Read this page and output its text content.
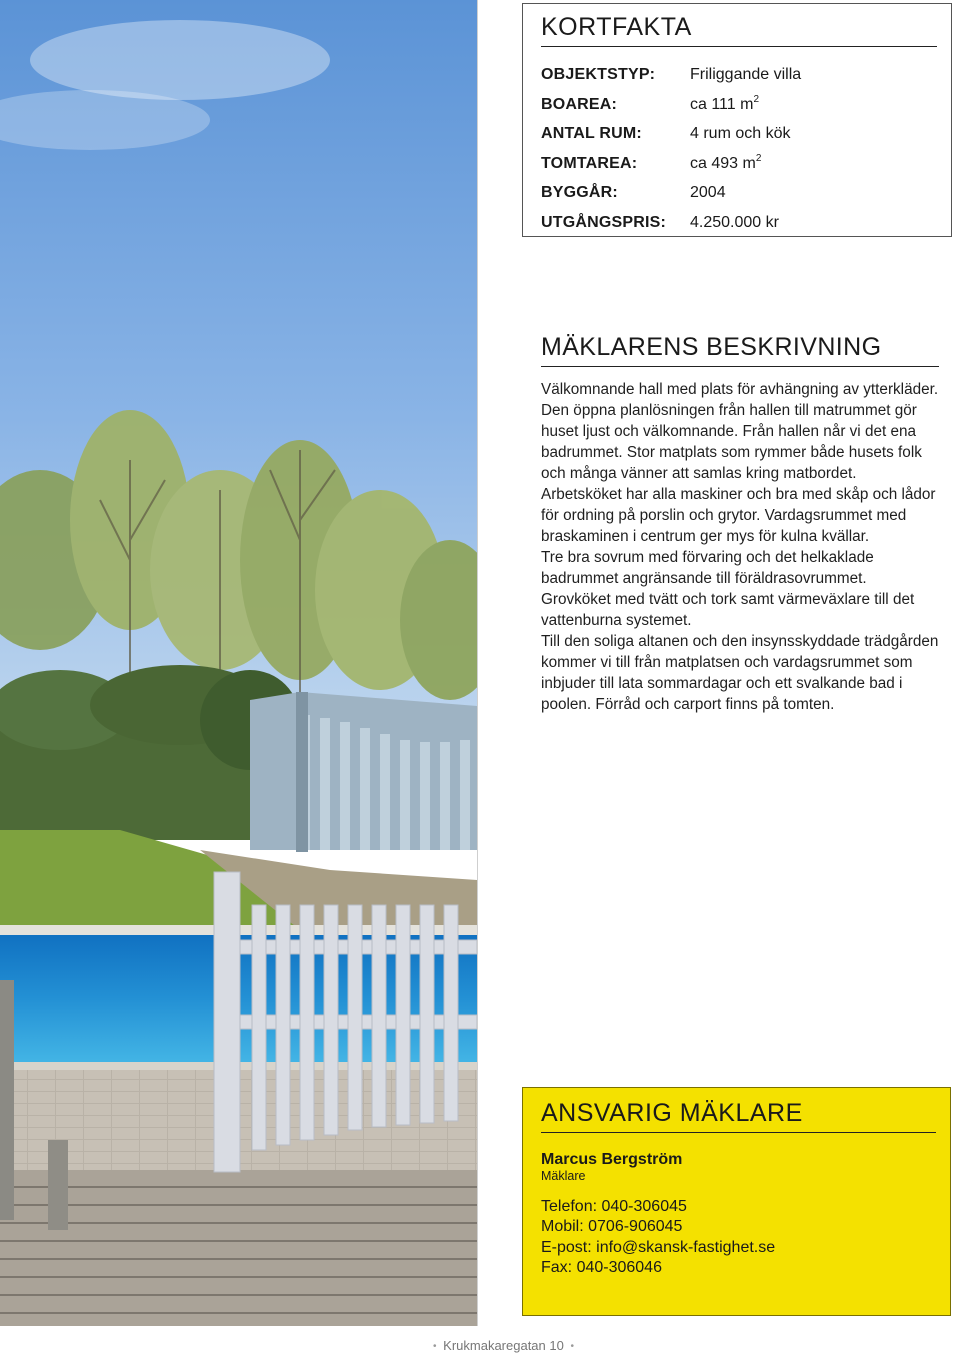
KORTFAKTA
OBJEKTSTYP:	Friliggande villa
BOAREA:	ca 111 $m^2$
ANTAL RUM:	4 rum och kök
TOMTAREA:	ca 493 $m^2$
BYGGÅR:	2004
UTGÅNGSPRIS:	4.250.000 kr
MÄKLARENS BESKRIVNING

Välkomnande hall med plats för avhängning av ytterkläder. Den öppna planlösningen från hallen till matrummet gör huset ljust och välkomnande. Från hallen når vi det ena badrummet. Stor matplats som rymmer både husets folk och många vänner att samlas kring matbordet. Arbetsköket har alla maskiner och bra med skåp och lådor för ordning på porslin och grytor. Vardagsrummet med braskaminen i centrum ger mys för kulna kvällar.

Tre bra sovrum med förvaring och det helkaklade badrummet angränsande till föräldrasovrummet.

Grovköket med tvätt och tork samt värmeväxlare till det vattenburna systemet.

Till den soliga altanen och den insynsskyddade trädgården kommer vi till från matplatsen och vardagsrummet som inbjuder till lata sommardagar och ett svalkande bad i poolen. Förråd och carport finns på tomten.

ANSVARIG MÄKLARE
Marcus Bergström
Mäklare
Telefon: 040-306045
Mobil: 0706-906045
E-post: info@skansk-fastighet.se
Fax: 040-306046
• Krukmakaregatan 10 •
